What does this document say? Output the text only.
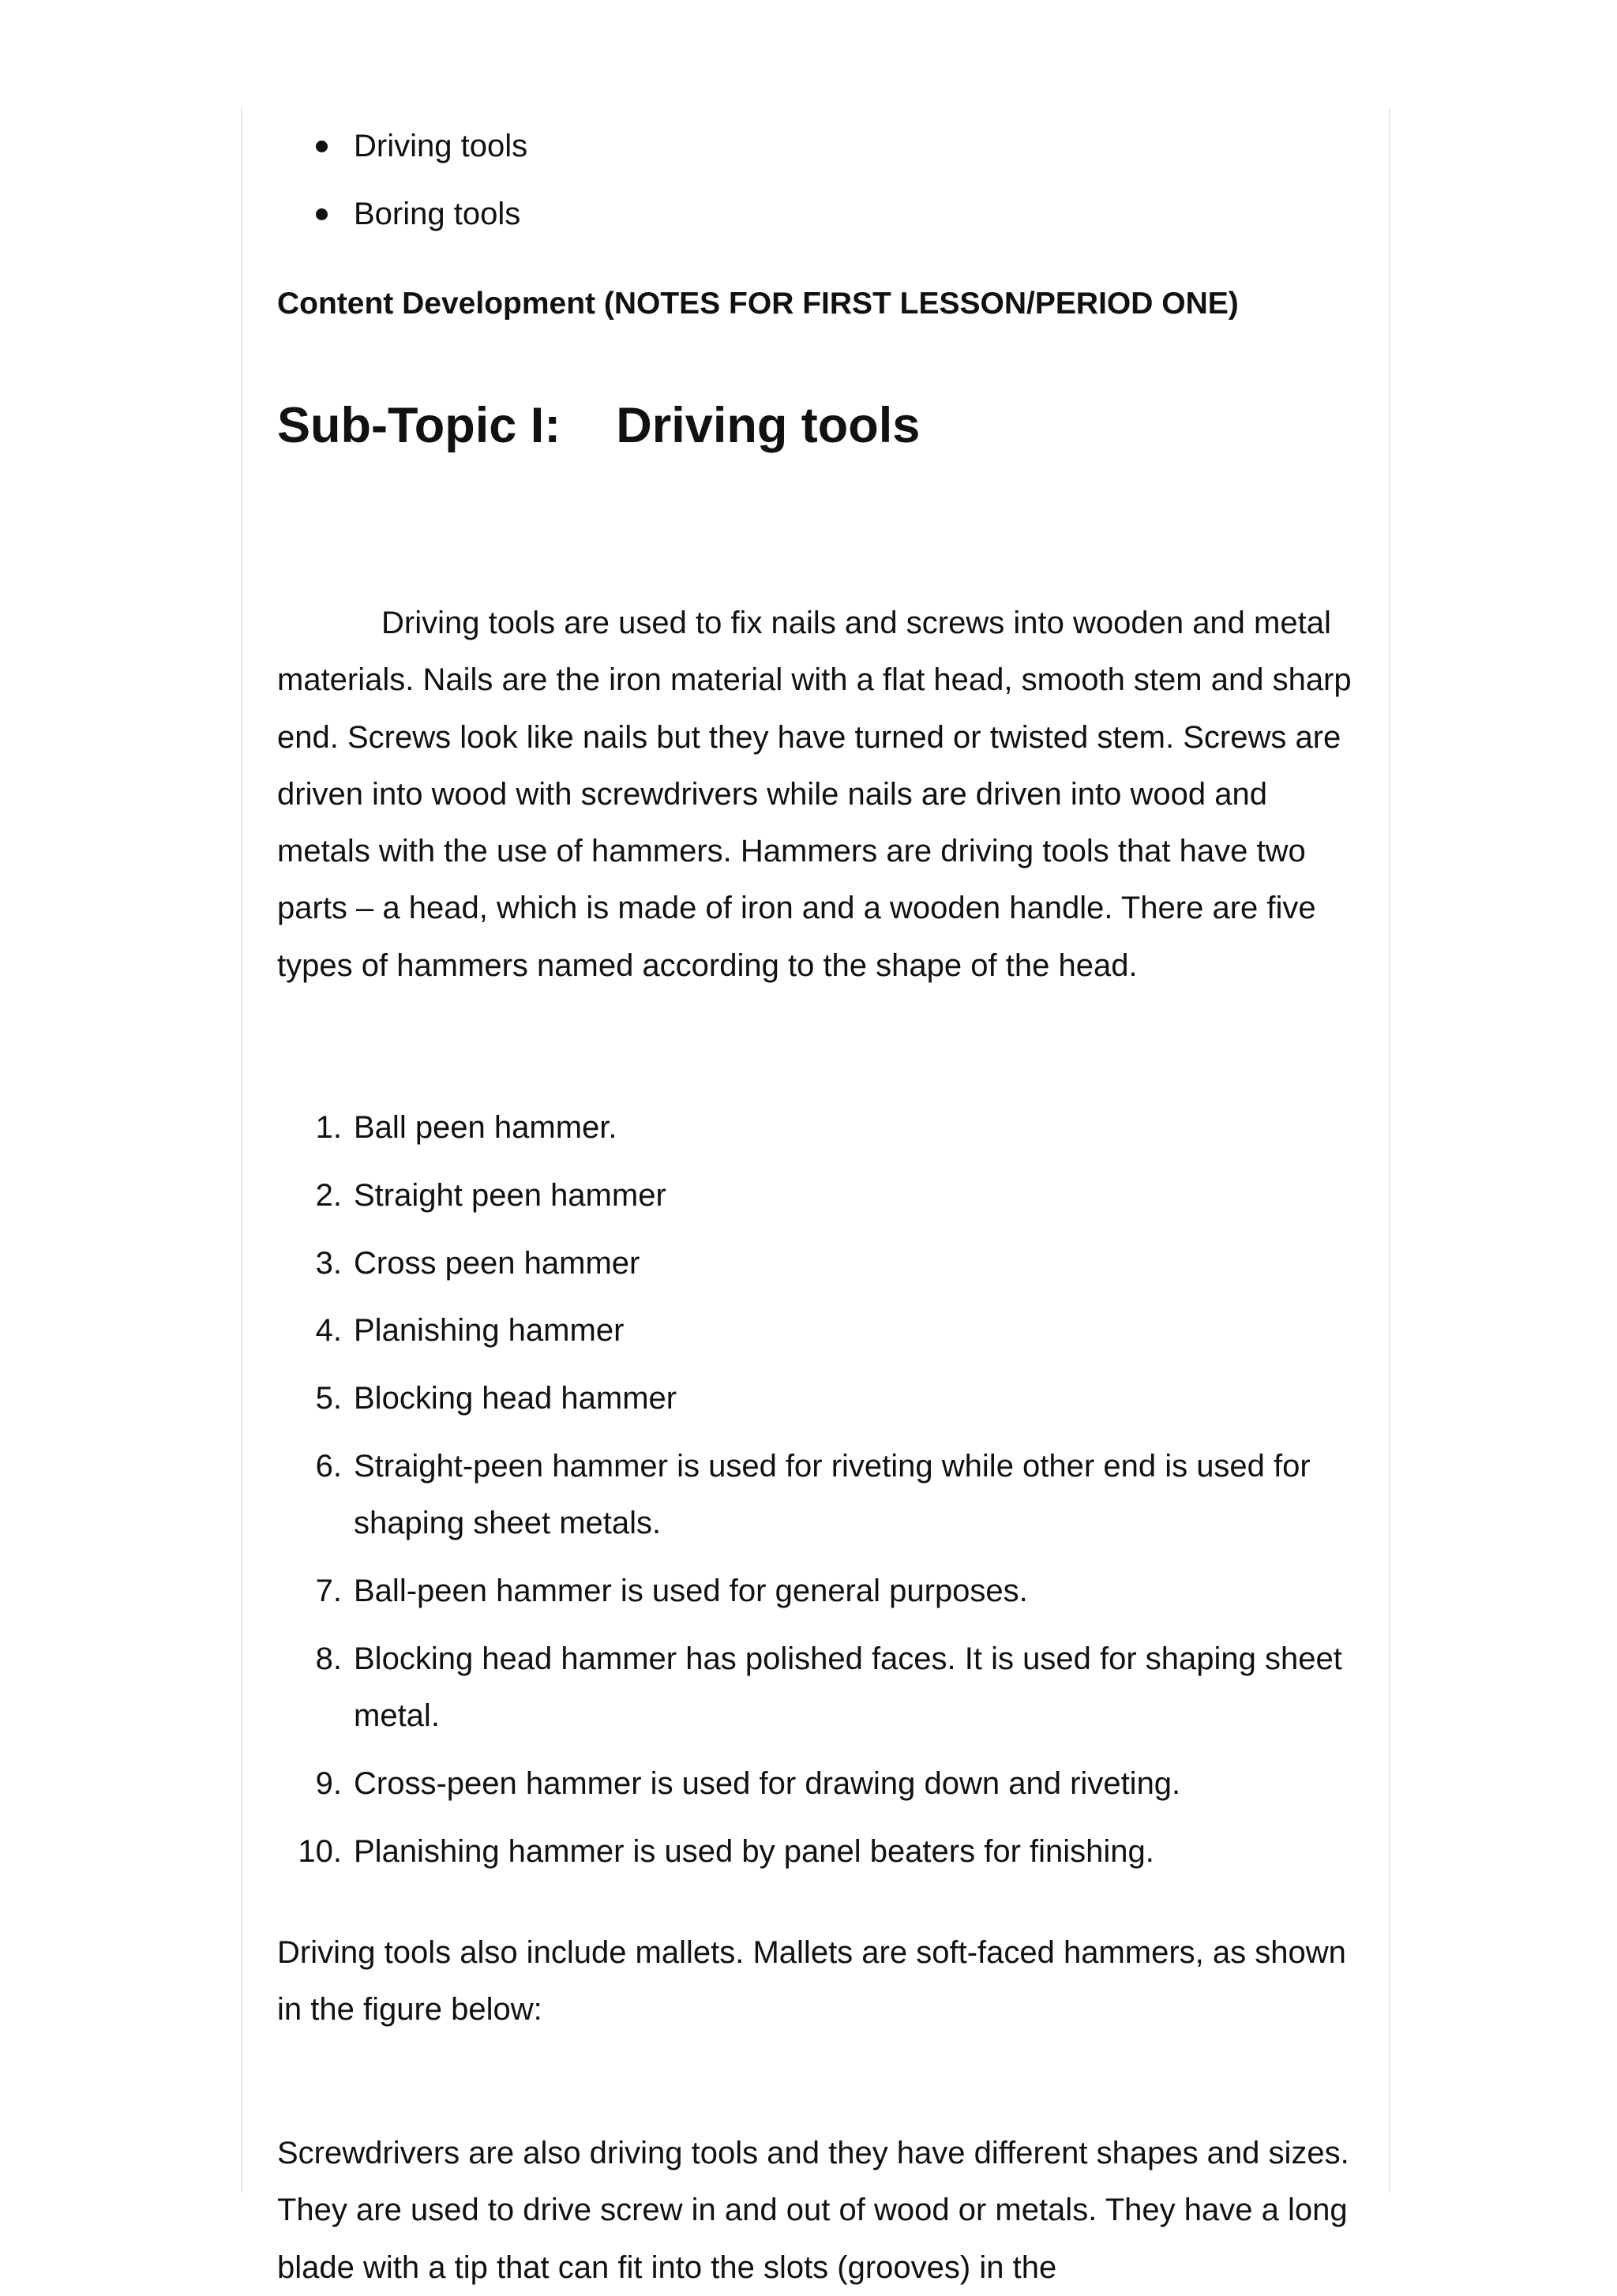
Driving tools
Boring tools

Content Development (NOTES FOR FIRST LESSON/PERIOD ONE)

Sub-Topic I: Driving tools

Driving tools are used to fix nails and screws into wooden and metal materials. Nails are the iron material with a flat head, smooth stem and sharp end. Screws look like nails but they have turned or twisted stem. Screws are driven into wood with screwdrivers while nails are driven into wood and metals with the use of hammers. Hammers are driving tools that have two parts – a head, which is made of iron and a wooden handle. There are five types of hammers named according to the shape of the head.

1. Ball peen hammer.
2. Straight peen hammer
3. Cross peen hammer
4. Planishing hammer
5. Blocking head hammer
6. Straight-peen hammer is used for riveting while other end is used for shaping sheet metals.
7. Ball-peen hammer is used for general purposes.
8. Blocking head hammer has polished faces. It is used for shaping sheet metal.
9. Cross-peen hammer is used for drawing down and riveting.
10. Planishing hammer is used by panel beaters for finishing.

Driving tools also include mallets. Mallets are soft-faced hammers, as shown in the figure below:

Screwdrivers are also driving tools and they have different shapes and sizes. They are used to drive screw in and out of wood or metals. They have a long blade with a tip that can fit into the slots (grooves) in the
